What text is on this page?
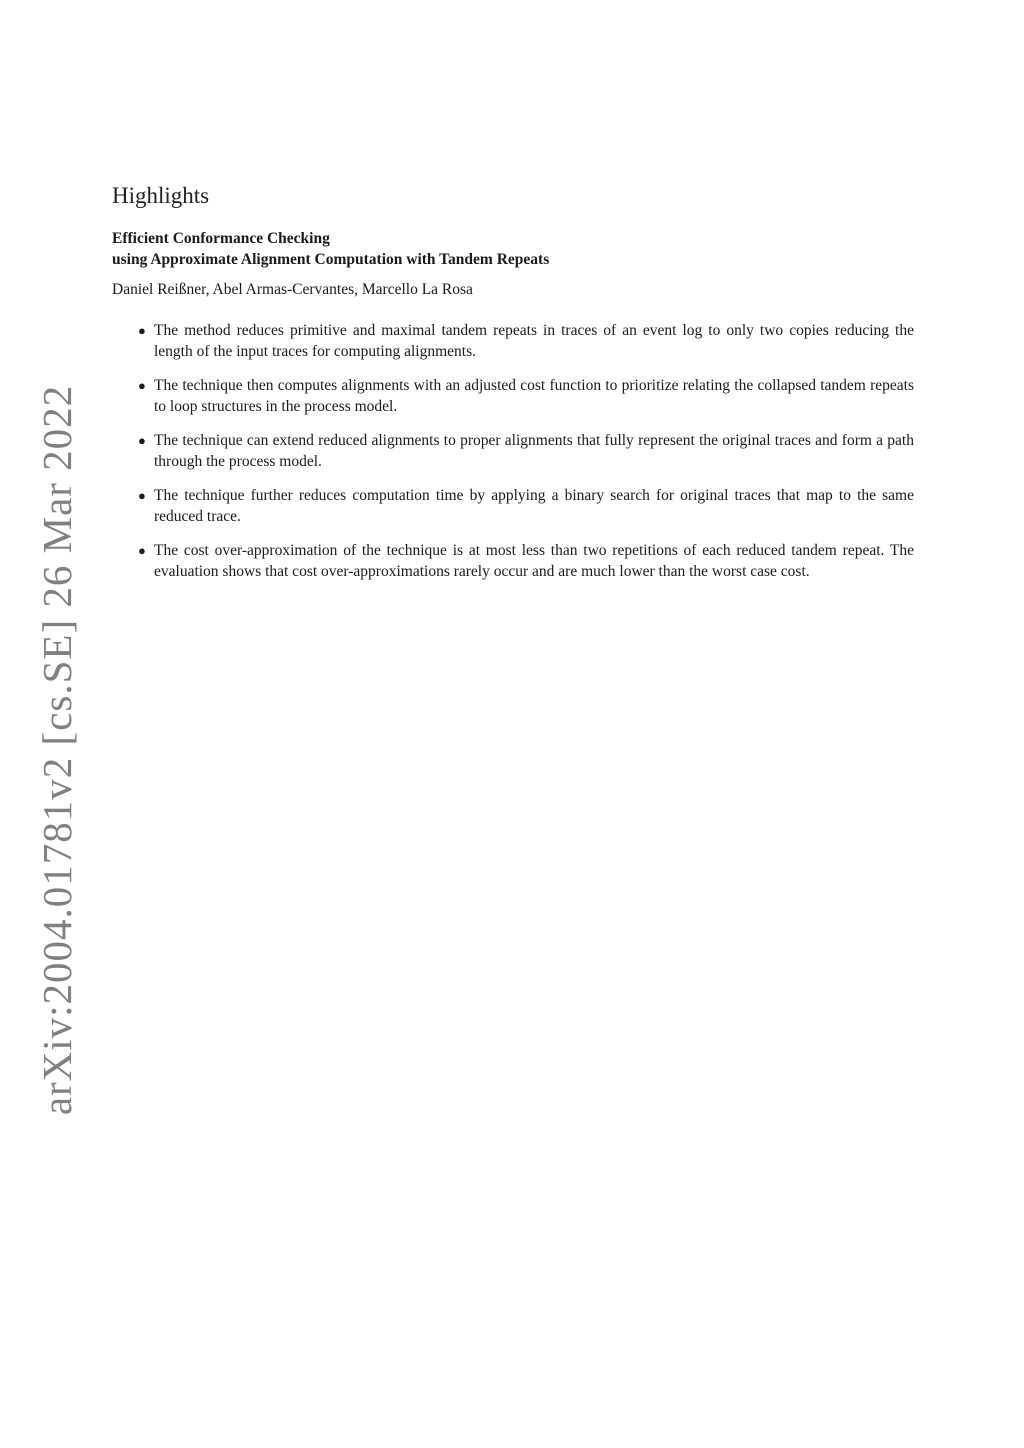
arXiv:2004.01781v2 [cs.SE] 26 Mar 2022
Highlights
Efficient Conformance Checking
using Approximate Alignment Computation with Tandem Repeats
Daniel Reißner, Abel Armas-Cervantes, Marcello La Rosa
● The method reduces primitive and maximal tandem repeats in traces of an event log to only two copies reducing the length of the input traces for computing alignments.
● The technique then computes alignments with an adjusted cost function to prioritize relating the collapsed tandem repeats to loop structures in the process model.
● The technique can extend reduced alignments to proper alignments that fully represent the original traces and form a path through the process model.
● The technique further reduces computation time by applying a binary search for original traces that map to the same reduced trace.
● The cost over-approximation of the technique is at most less than two repetitions of each reduced tandem repeat. The evaluation shows that cost over-approximations rarely occur and are much lower than the worst case cost.
